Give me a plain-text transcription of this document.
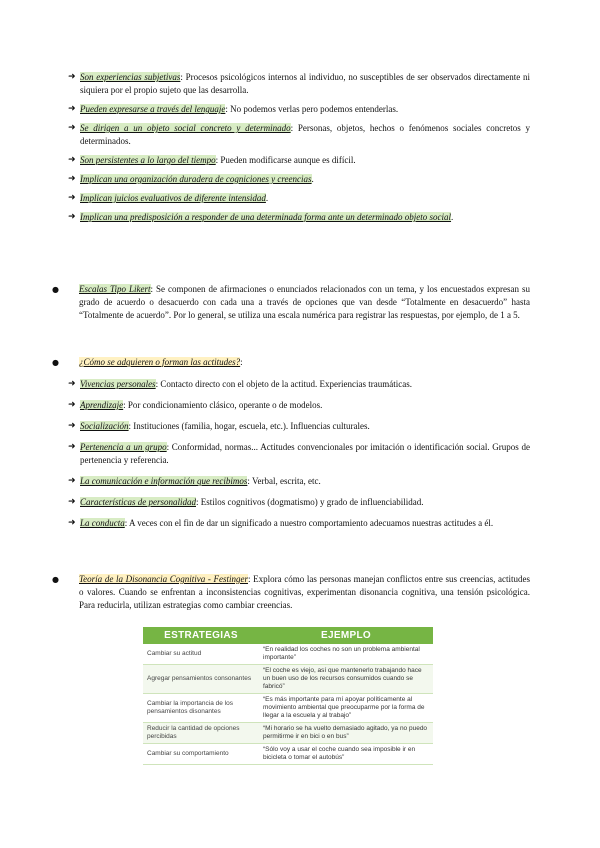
➜ Son experiencias subjetivas: Procesos psicológicos internos al individuo, no susceptibles de ser observados directamente ni siquiera por el propio sujeto que las desarrolla.
➜ Pueden expresarse a través del lenguaje: No podemos verlas pero podemos entenderlas.
➜ Se dirigen a un objeto social concreto y determinado: Personas, objetos, hechos o fenómenos sociales concretos y determinados.
➜ Son persistentes a lo largo del tiempo: Pueden modificarse aunque es difícil.
➜ Implican una organización duradera de cogniciones y creencias.
➜ Implican juicios evaluativos de diferente intensidad.
➜ Implican una predisposición a responder de una determinada forma ante un determinado objeto social.
● Escalas Tipo Likert: Se componen de afirmaciones o enunciados relacionados con un tema, y los encuestados expresan su grado de acuerdo o desacuerdo con cada una a través de opciones que van desde “Totalmente en desacuerdo” hasta “Totalmente de acuerdo”. Por lo general, se utiliza una escala numérica para registrar las respuestas, por ejemplo, de 1 a 5.
● ¿Cómo se adquieren o forman las actitudes?:
➜ Vivencias personales: Contacto directo con el objeto de la actitud. Experiencias traumáticas.
➜ Aprendizaje: Por condicionamiento clásico, operante o de modelos.
➜ Socialización: Instituciones (familia, hogar, escuela, etc.). Influencias culturales.
➜ Pertenencia a un grupo: Conformidad, normas... Actitudes convencionales por imitación o identificación social. Grupos de pertenencia y referencia.
➜ La comunicación e información que recibimos: Verbal, escrita, etc.
➜ Características de personalidad: Estilos cognitivos (dogmatismo) y grado de influenciabilidad.
➜ La conducta: A veces con el fin de dar un significado a nuestro comportamiento adecuamos nuestras actitudes a él.
● Teoría de la Disonancia Cognitiva - Festinger: Explora cómo las personas manejan conflictos entre sus creencias, actitudes o valores. Cuando se enfrentan a inconsistencias cognitivas, experimentan disonancia cognitiva, una tensión psicológica. Para reducirla, utilizan estrategias como cambiar creencias.
ESTRATEGIAS	EJEMPLO
Cambiar su actitud	“En realidad los coches no son un problema ambiental importante”
Agregar pensamientos consonantes	“El coche es viejo, así que mantenerlo trabajando hace un buen uso de los recursos consumidos cuando se fabricó”
Cambiar la importancia de los pensamientos disonantes	“Es más importante para mí apoyar políticamente al movimiento ambiental que preocuparme por la forma de llegar a la escuela y al trabajo”
Reducir la cantidad de opciones percibidas	“Mi horario se ha vuelto demasiado agitado, ya no puedo permitirme ir en bici o en bus”
Cambiar su comportamiento	“Sólo voy a usar el coche cuando sea imposible ir en bicicleta o tomar el autobús”
